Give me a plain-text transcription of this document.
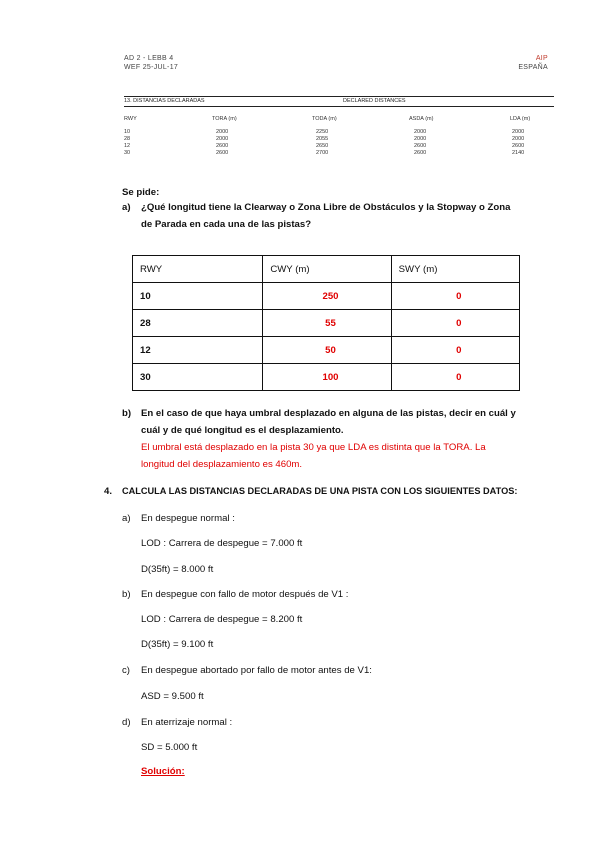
AD 2 - LEBB 4
WEF 25-JUL-17
AIP
ESPAÑA
13. DISTANCIAS DECLARADAS	DECLARED DISTANCES
RWY	TORA (m)	TODA (m)	ASDA (m)	LDA (m)
10	2000	2250	2000	2000
28	2000	2055	2000	2000
12	2600	2650	2600	2600
30	2600	2700	2600	2140
Se pide:
a) ¿Qué longitud tiene la Clearway o Zona Libre de Obstáculos y la Stopway o Zona
de Parada en cada una de las pistas?
RWY	CWY (m)	SWY (m)
10	250	0
28	55	0
12	50	0
30	100	0
b) En el caso de que haya umbral desplazado en alguna de las pistas, decir en cuál y
cuál y de qué longitud es el desplazamiento.
El umbral está desplazado en la pista 30 ya que LDA es distinta que la TORA. La
longitud del desplazamiento es 460m.
4. CALCULA LAS DISTANCIAS DECLARADAS DE UNA PISTA CON LOS SIGUIENTES DATOS:
a) En despegue normal :
LOD : Carrera de despegue = 7.000 ft
D(35ft) = 8.000 ft
b) En despegue con fallo de motor después de V1 :
LOD : Carrera de despegue = 8.200 ft
D(35ft) = 9.100 ft
c) En despegue abortado por fallo de motor antes de V1:
ASD = 9.500 ft
d) En aterrizaje normal :
SD = 5.000 ft
Solución:
